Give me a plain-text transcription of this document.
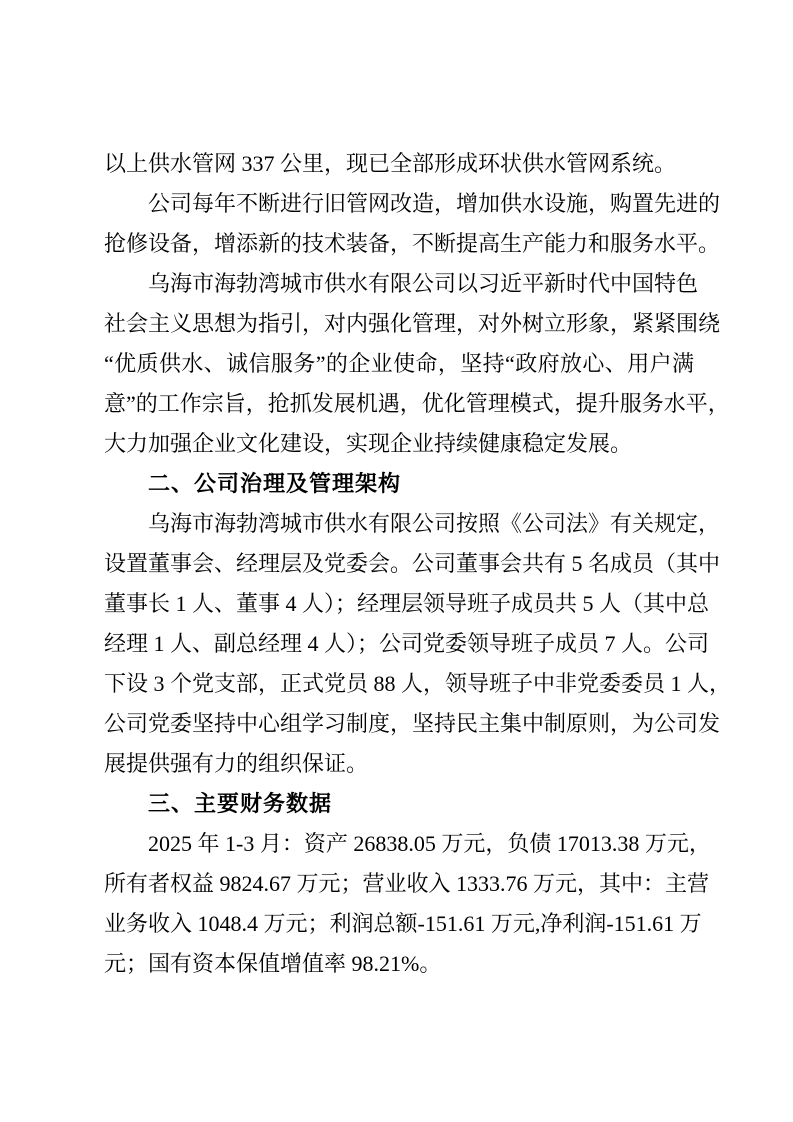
以上供水管网 337 公里，现已全部形成环状供水管网系统。
公司每年不断进行旧管网改造，增加供水设施，购置先进的
抢修设备，增添新的技术装备，不断提高生产能力和服务水平。
乌海市海勃湾城市供水有限公司以习近平新时代中国特色
社会主义思想为指引，对内强化管理，对外树立形象，紧紧围绕
“优质供水、诚信服务”的企业使命，坚持“政府放心、用户满
意”的工作宗旨，抢抓发展机遇，优化管理模式，提升服务水平，
大力加强企业文化建设，实现企业持续健康稳定发展。
二、公司治理及管理架构
乌海市海勃湾城市供水有限公司按照《公司法》有关规定，
设置董事会、经理层及党委会。公司董事会共有 5 名成员（其中
董事长 1 人、董事 4 人）；经理层领导班子成员共 5 人（其中总
经理 1 人、副总经理 4 人）；公司党委领导班子成员 7 人。公司
下设 3 个党支部，正式党员 88 人，领导班子中非党委委员 1 人，
公司党委坚持中心组学习制度，坚持民主集中制原则，为公司发
展提供强有力的组织保证。
三、主要财务数据
2025 年 1-3 月：资产 26838.05 万元，负债 17013.38 万元，
所有者权益 9824.67 万元；营业收入 1333.76 万元，其中：主营
业务收入 1048.4 万元；利润总额-151.61 万元,净利润-151.61 万
元；国有资本保值增值率 98.21%。
